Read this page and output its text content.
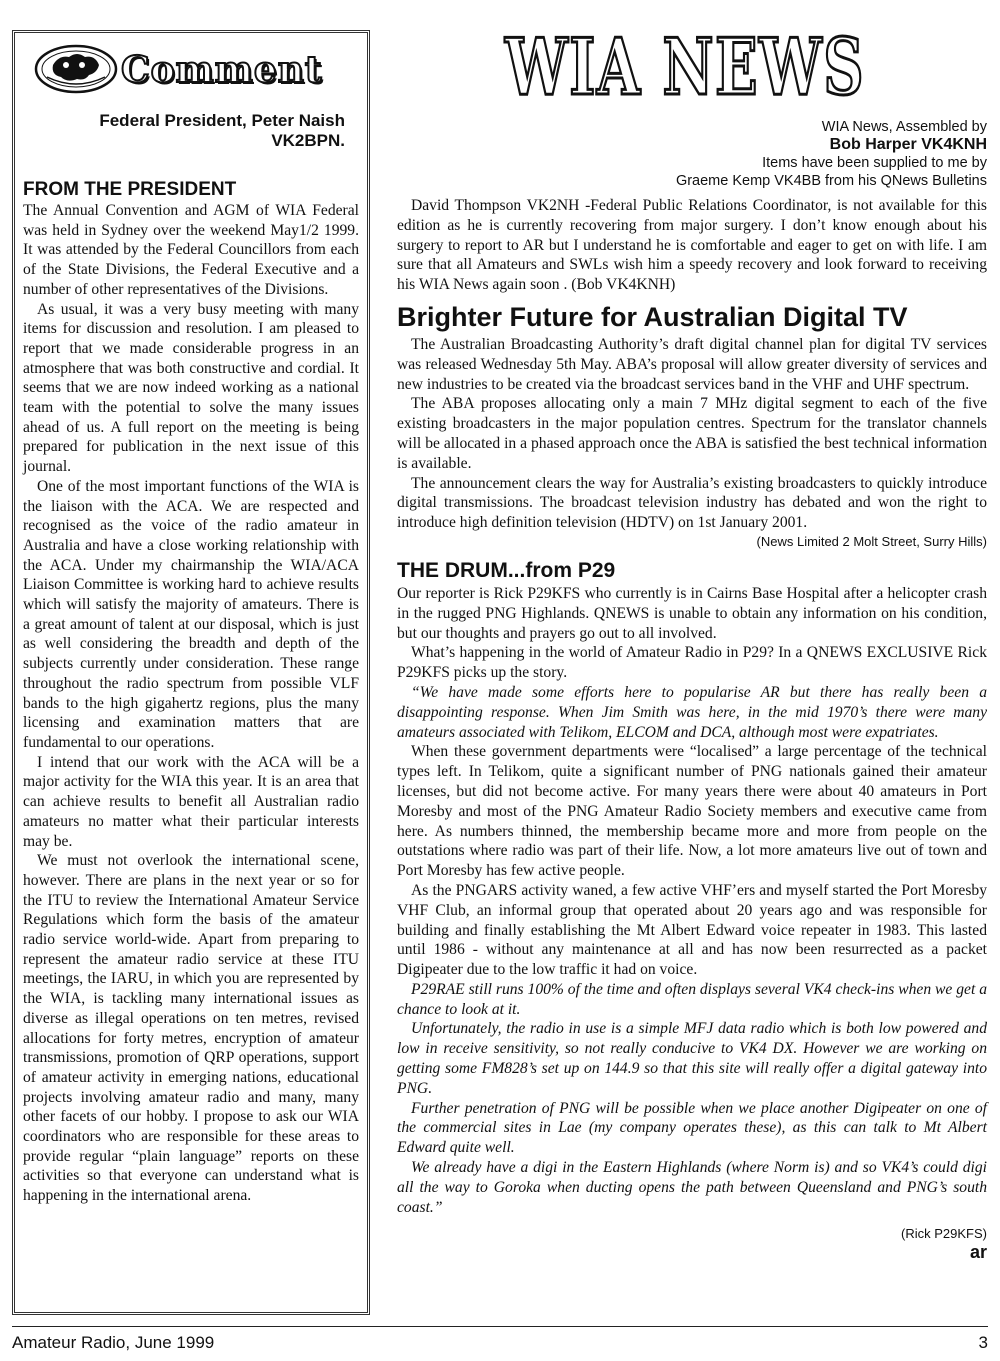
Comment
Federal President, Peter Naish
VK2BPN.
FROM THE PRESIDENT

The Annual Convention and AGM of WIA Federal was held in Sydney over the weekend May1/2 1999. It was attended by the Federal Councillors from each of the State Divisions, the Federal Executive and a number of other representatives of the Divisions.

As usual, it was a very busy meeting with many items for discussion and resolution. I am pleased to report that we made considerable progress in an atmosphere that was both constructive and cordial. It seems that we are now indeed working as a national team with the potential to solve the many issues ahead of us. A full report on the meeting is being prepared for publication in the next issue of this journal.

One of the most important functions of the WIA is the liaison with the ACA. We are respected and recognised as the voice of the radio amateur in Australia and have a close working relationship with the ACA. Under my chairmanship the WIA/ACA Liaison Committee is working hard to achieve results which will satisfy the majority of amateurs. There is a great amount of talent at our disposal, which is just as well considering the breadth and depth of the subjects currently under consideration. These range throughout the radio spectrum from possible VLF bands to the high gigahertz regions, plus the many licensing and examination matters that are fundamental to our operations.

I intend that our work with the ACA will be a major activity for the WIA this year. It is an area that can achieve results to benefit all Australian radio amateurs no matter what their particular interests may be.

We must not overlook the international scene, however. There are plans in the next year or so for the ITU to review the International Amateur Service Regulations which form the basis of the amateur radio service world-wide. Apart from preparing to represent the amateur radio service at these ITU meetings, the IARU, in which you are represented by the WIA, is tackling many international issues as diverse as illegal operations on ten metres, revised allocations for forty metres, encryption of amateur transmissions, promotion of QRP operations, support of amateur activity in emerging nations, educational projects involving amateur radio and many, many other facets of our hobby. I propose to ask our WIA coordinators who are responsible for these areas to provide regular “plain language” reports on these activities so that everyone can understand what is happening in the international arena.

WIA NEWS
WIA News, Assembled by
Bob Harper VK4KNH
Items have been supplied to me by
Graeme Kemp VK4BB from his QNews Bulletins

David Thompson VK2NH -Federal Public Relations Coordinator, is not available for this edition as he is currently recovering from major surgery. I don’t know enough about his surgery to report to AR but I understand he is comfortable and eager to get on with life. I am sure that all Amateurs and SWLs wish him a speedy recovery and look forward to receiving his WIA News again soon . (Bob VK4KNH)

Brighter Future for Australian Digital TV

The Australian Broadcasting Authority’s draft digital channel plan for digital TV services was released Wednesday 5th May. ABA’s proposal will allow greater diversity of services and new industries to be created via the broadcast services band in the VHF and UHF spectrum.

The ABA proposes allocating only a main 7 MHz digital segment to each of the five existing broadcasters in the major population centres. Spectrum for the translator channels will be allocated in a phased approach once the ABA is satisfied the best technical information is available.

The announcement clears the way for Australia’s existing broadcasters to quickly introduce digital transmissions. The broadcast television industry has debated and won the right to introduce high definition television (HDTV) on 1st January 2001.

(News Limited 2 Molt Street, Surry Hills)
THE DRUM...from P29

Our reporter is Rick P29KFS who currently is in Cairns Base Hospital after a helicopter crash in the rugged PNG Highlands. QNEWS is unable to obtain any information on his condition, but our thoughts and prayers go out to all involved.

What’s happening in the world of Amateur Radio in P29? In a QNEWS EXCLUSIVE Rick P29KFS picks up the story.

“We have made some efforts here to popularise AR but there has really been a disappointing response. When Jim Smith was here, in the mid 1970’s there were many amateurs associated with Telikom, ELCOM and DCA, although most were expatriates.

When these government departments were “localised” a large percentage of the technical types left. In Telikom, quite a significant number of PNG nationals gained their amateur licenses, but did not become active. For many years there were about 40 amateurs in Port Moresby and most of the PNG Amateur Radio Society members and executive came from here. As numbers thinned, the membership became more and more from people on the outstations where radio was part of their life. Now, a lot more amateurs live out of town and Port Moresby has few active people.

As the PNGARS activity waned, a few active VHF’ers and myself started the Port Moresby VHF Club, an informal group that operated about 20 years ago and was responsible for building and finally establishing the Mt Albert Edward voice repeater in 1983. This lasted until 1986 - without any maintenance at all and has now been resurrected as a packet Digipeater due to the low traffic it had on voice.

P29RAE still runs 100% of the time and often displays several VK4 check-ins when we get a chance to look at it.

Unfortunately, the radio in use is a simple MFJ data radio which is both low powered and low in receive sensitivity, so not really conducive to VK4 DX. However we are working on getting some FM828’s set up on 144.9 so that this site will really offer a digital gateway into PNG.

Further penetration of PNG will be possible when we place another Digipeater on one of the commercial sites in Lae (my company operates these), as this can talk to Mt Albert Edward quite well.

We already have a digi in the Eastern Highlands (where Norm is) and so VK4’s could digi all the way to Goroka when ducting opens the path between Queensland and PNG’s south coast.”

(Rick P29KFS)
ar
Amateur Radio, June 1999	3
